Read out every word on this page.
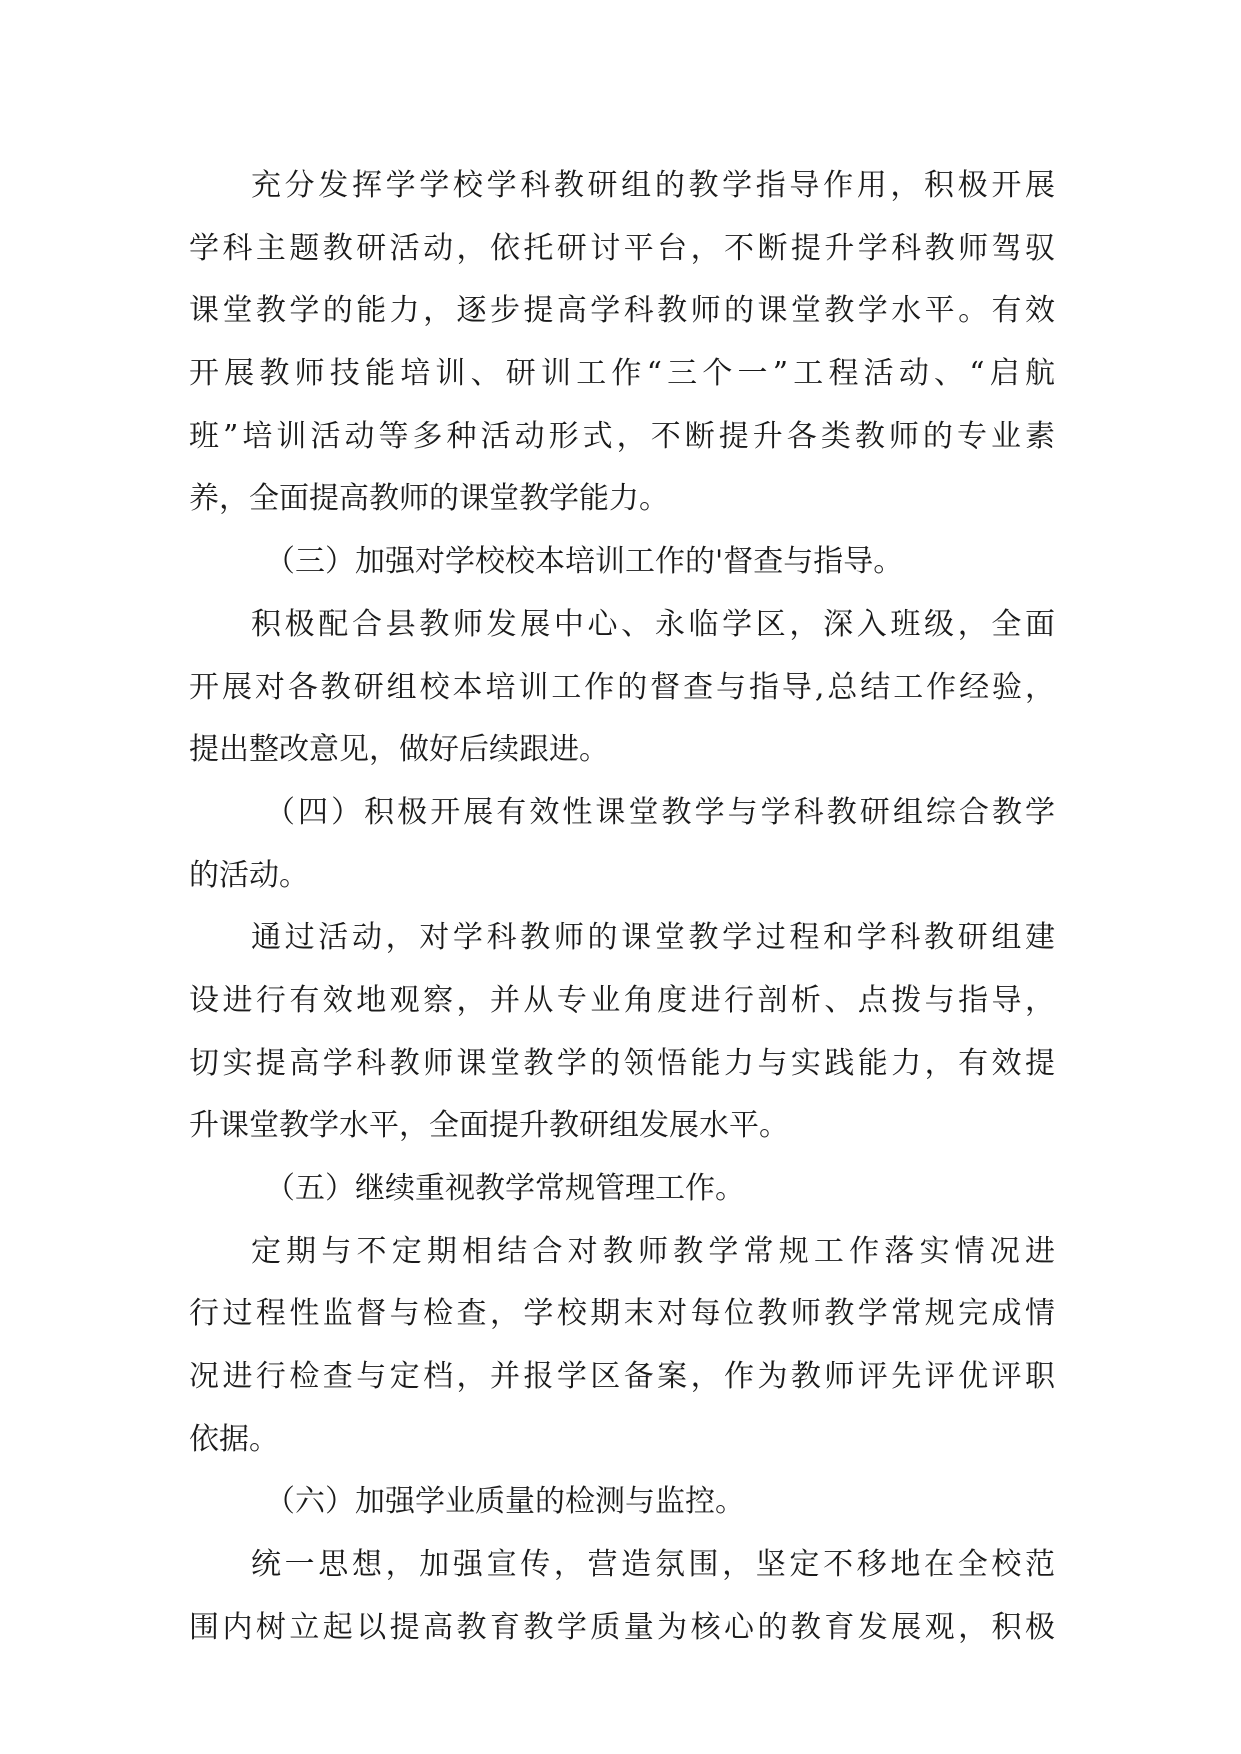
充分发挥学学校学科教研组的教学指导作用，积极开展
学科主题教研活动，依托研讨平台，不断提升学科教师驾驭
课堂教学的能力，逐步提高学科教师的课堂教学水平。有效
开展教师技能培训、研训工作“三个一”工程活动、“启航
班”培训活动等多种活动形式，不断提升各类教师的专业素
养，全面提高教师的课堂教学能力。
（三）加强对学校校本培训工作的'督查与指导。
积极配合县教师发展中心、永临学区，深入班级，全面
开展对各教研组校本培训工作的督查与指导,总结工作经验，
提出整改意见，做好后续跟进。
（四）积极开展有效性课堂教学与学科教研组综合教学
的活动。
通过活动，对学科教师的课堂教学过程和学科教研组建
设进行有效地观察，并从专业角度进行剖析、点拨与指导，
切实提高学科教师课堂教学的领悟能力与实践能力，有效提
升课堂教学水平，全面提升教研组发展水平。
（五）继续重视教学常规管理工作。
定期与不定期相结合对教师教学常规工作落实情况进
行过程性监督与检查，学校期末对每位教师教学常规完成情
况进行检查与定档，并报学区备案，作为教师评先评优评职
依据。
（六）加强学业质量的检测与监控。
统一思想，加强宣传，营造氛围，坚定不移地在全校范
围内树立起以提高教育教学质量为核心的教育发展观，积极
